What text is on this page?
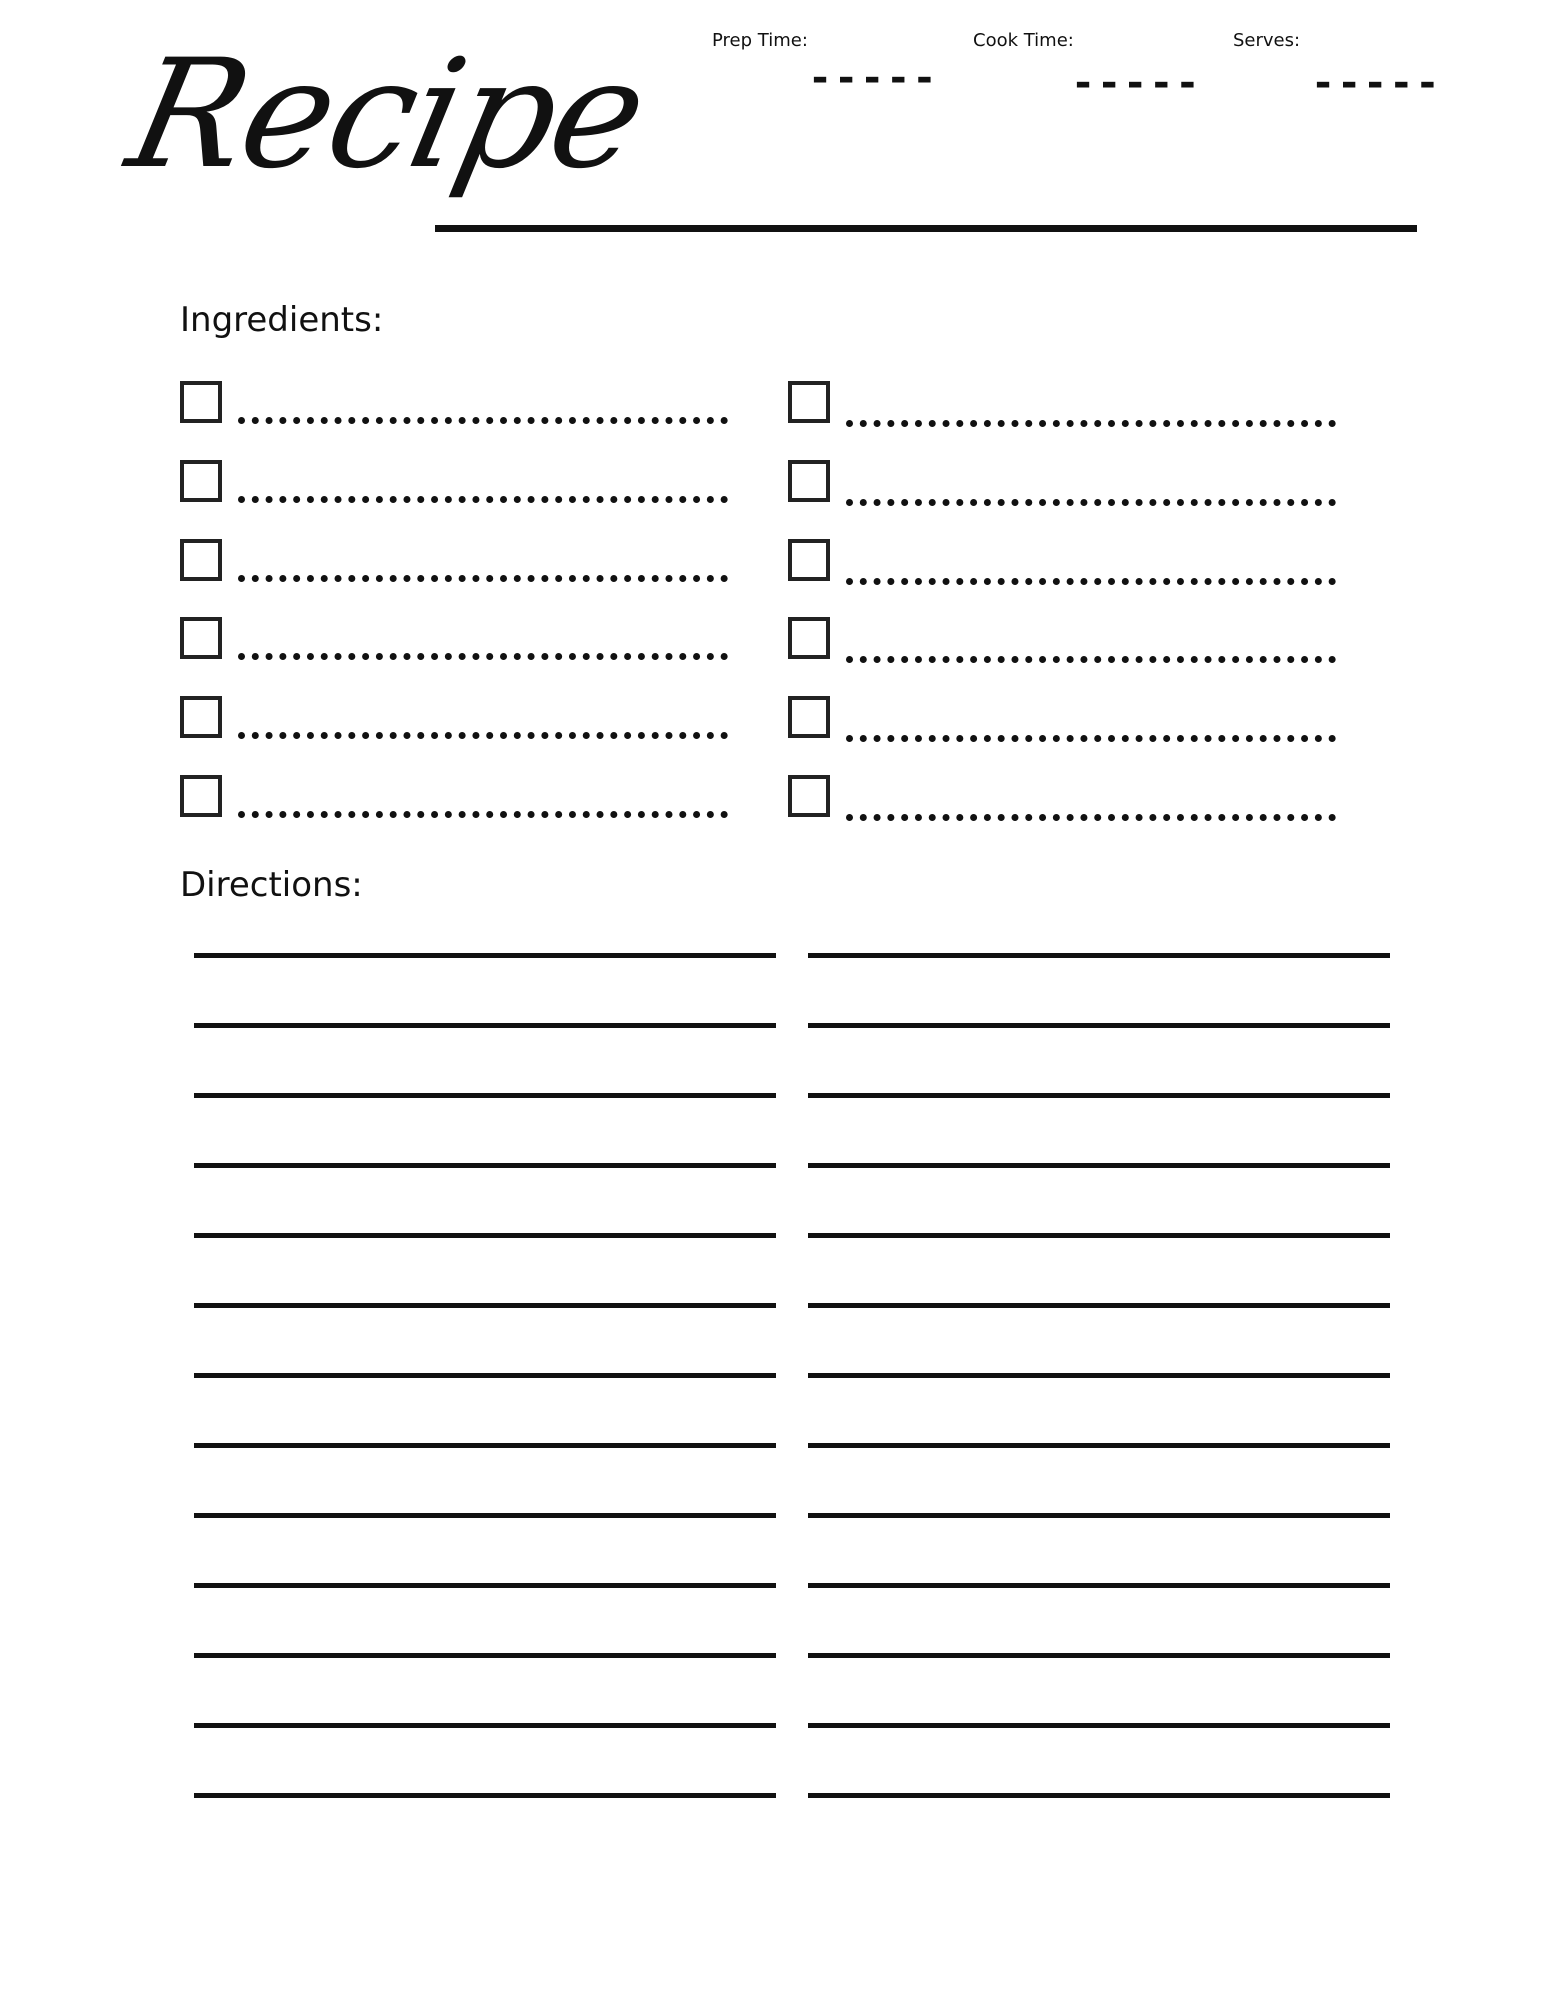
Recipe	Prep Time:	Cook Time:	Serves:
-----	-----	-----
Ingredients:
Directions:
